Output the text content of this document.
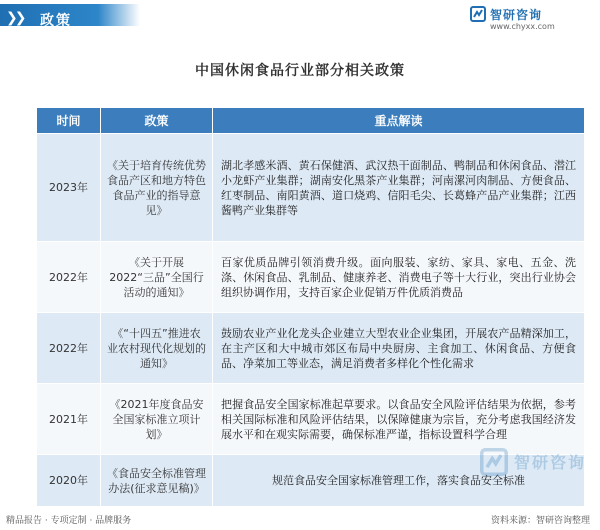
❯❯ 政策	智研咨询
www.chyxx.com
中国休闲食品行业部分相关政策
时间	政策	重点解读
2023年	《关于培育传统优势食品产区和地方特色食品产业的指导意见》	湖北孝感米酒、黄石保健酒、武汉热干面制品、鸭制品和休闲食品、潜江小龙虾产业集群；湖南安化黑茶产业集群；河南漯河肉制品、方便食品、红枣制品、南阳黄酒、道口烧鸡、信阳毛尖、长葛蜂产品产业集群；江西酱鸭产业集群等
2022年	《关于开展2022“三品”全国行活动的通知》	百家优质品牌引领消费升级。面向服装、家纺、家具、家电、五金、洗涤、休闲食品、乳制品、健康养老、消费电子等十大行业，突出行业协会组织协调作用，支持百家企业促销万件优质消费品
2022年	《“十四五”推进农业农村现代化规划的通知》	鼓励农业产业化龙头企业建立大型农业企业集团，开展农产品精深加工，在主产区和大中城市郊区布局中央厨房、主食加工、休闲食品、方便食品、净菜加工等业态，满足消费者多样化个性化需求
2021年	《2021年度食品安全国家标准立项计划》	把握食品安全国家标准起草要求。以食品安全风险评估结果为依据，参考相关国际标准和风险评估结果，以保障健康为宗旨，充分考虑我国经济发展水平和在观实际需要，确保标准严谨，指标设置科学合理
2020年	《食品安全标准管理办法(征求意见稿)》	规范食品安全国家标准管理工作，落实食品安全标准
智研咨询
精品报告 · 专项定制 · 品牌服务	资料来源：智研咨询整理
